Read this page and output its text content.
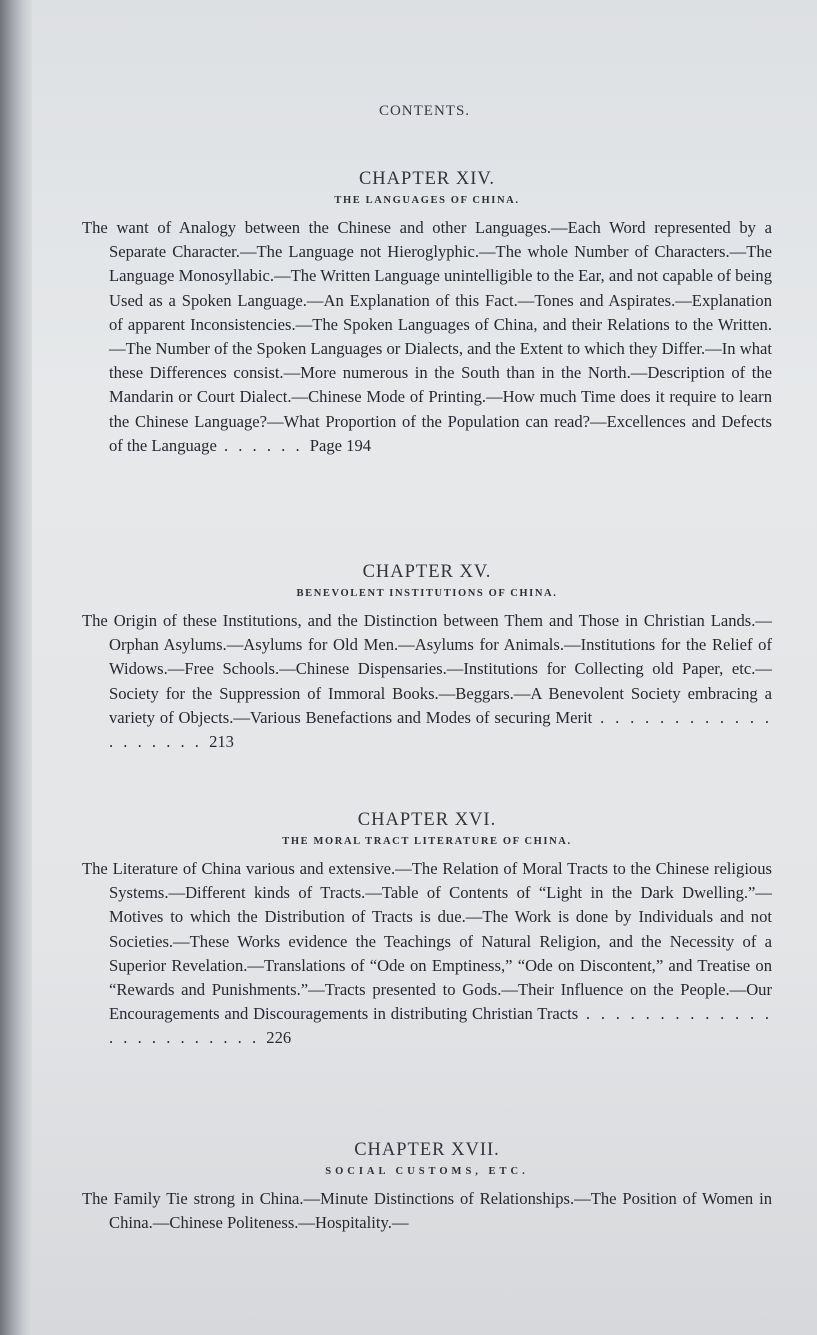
CONTENTS.
CHAPTER XIV.
THE LANGUAGES OF CHINA.
The want of Analogy between the Chinese and other Languages.—Each Word represented by a Separate Character.—The Language not Hieroglyphic.—The whole Number of Characters.—The Language Monosyllabic.—The Written Language unintelligible to the Ear, and not capable of being Used as a Spoken Language.—An Explanation of this Fact.—Tones and Aspirates.—Explanation of apparent Inconsistencies.—The Spoken Languages of China, and their Relations to the Written.—The Number of the Spoken Languages or Dialects, and the Extent to which they Differ.—In what these Differences consist.—More numerous in the South than in the North.—Description of the Mandarin or Court Dialect.—Chinese Mode of Printing.—How much Time does it require to learn the Chinese Language?—What Proportion of the Population can read?—Excellences and Defects of the Language . . . . . . Page 194
CHAPTER XV.
BENEVOLENT INSTITUTIONS OF CHINA.
The Origin of these Institutions, and the Distinction between Them and Those in Christian Lands.—Orphan Asylums.—Asylums for Old Men.—Asylums for Animals.—Institutions for the Relief of Widows.—Free Schools.—Chinese Dispensaries.—Institutions for Collecting old Paper, etc.—Society for the Suppression of Immoral Books.—Beggars.—A Benevolent Society embracing a variety of Objects.—Various Benefactions and Modes of securing Merit . . . . . . . . . . . . . . . . . . . 213
CHAPTER XVI.
THE MORAL TRACT LITERATURE OF CHINA.
The Literature of China various and extensive.—The Relation of Moral Tracts to the Chinese religious Systems.—Different kinds of Tracts.—Table of Contents of “Light in the Dark Dwelling.”—Motives to which the Distribution of Tracts is due.—The Work is done by Individuals and not Societies.—These Works evidence the Teachings of Natural Religion, and the Necessity of a Superior Revelation.—Translations of “Ode on Emptiness,” “Ode on Discontent,” and Treatise on “Rewards and Punishments.”—Tracts presented to Gods.—Their Influence on the People.—Our Encouragements and Discouragements in distributing Christian Tracts . . . . . . . . . . . . . . . . . . . . . . . . 226
CHAPTER XVII.
SOCIAL CUSTOMS, ETC.
The Family Tie strong in China.—Minute Distinctions of Relationships.—The Position of Women in China.—Chinese Politeness.—Hospitality.—
